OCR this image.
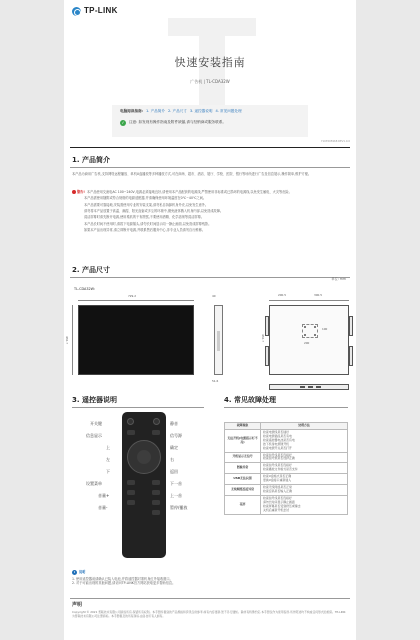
TP-LINK
快速安装指南
广告机 | TL-CDA32W
电脑阅读指南: 1. 产品简介 2. 产品尺寸 3. 遥控器说明 4. 常见问题处理
✓	注意: 如发现有操作指南及附件缺漏,请与经销商或服务联系。
7103505968 REV1.0.0
1. 产品简介
本产品为商用广告机,支持网络远程播放、单机U盘播放等多种播放方式,可在商场、超市、酒店、展厅、学校、医院、银行等场所进行广告及信息展示,操作简单,维护方便。
警告! 本产品使用交流电AC 100~240V,电源必须接地良好,请使用本产品配套的电源线,严禁使用非标准或已损坏的电源线,以免发生触电、火灾等危险。
本产品需使用随附或符合规格的电源适配器,并请确保使用环境温度在0℃~40℃之间。
本产品需要可靠接地,安装需使用专业的安装支架,请勿私自拆卸机身外壳,以免发生意外。
请勿将本产品放置于高温、潮湿、阳光直射或多尘的环境中,避免液体溅入机身内部,以免造成故障。
清洁屏幕时请先断开电源,使用柔软的干布擦拭,不要使用酒精、化学溶剂等清洁屏幕。
本产品长时间不使用时,请拔下电源插头,请勿长时间显示同一静止画面,以免造成屏幕残影。
如果本产品出现异常,请立即断开电源,并联系售后服务中心,非专业人员请勿自行维修。
2. 产品尺寸
单位: mm
TL-CDA32W:
729.2
432.7
40
51.6
200.5	300.5
432.7
200
100
3. 遥控器说明
开关键
信息显示
上
左
下
设置菜单
音量+
音量-
静音
信号源
确定
右
返回
下一首
上一首
暂停/播放
4. 常见故障处理
故障现象	处理方法
无法开机(电源指示灯不亮)	检查电源线是否插好
检查电源插座是否有电
检查遥控器电池是否有电
按下机身电源键开机
检查电源开关是否打开

开机显示无信号	检查信号线是否连接好
检查信号源是否选择正确

图像异常	检查信号线是否连接好
检查播放文件格式是否支持

USB无法识别	检查U盘格式是否正确
更换U盘接口重新插入

无线网络连接异常	检查无线网络是否正常
检查密码是否输入正确

花屏	检查信号线是否连接好
请勿长时间显示静止画面
检查屏幕是否受到挤压或撞击
关机后重新开机尝试
i	说明
1. 使用遥控器前请确认已装入电池,并将遥控器对准机身红外接收窗口。
2. 对于可能出现的其他问题,请访问TP-LINK官方网站获取更多帮助信息。
声明
Copyright © 2021 普联技术有限公司版权所有,保留所有权利。本手册所提到的产品规格和资讯仅供参考,如有内容更新,恕不另行通知。除非有特殊约定,本手册仅作为使用指导,所作陈述均不构成任何形式的担保。TP-LINK 为普联技术有限公司注册商标。本手册提及的所有商标,由各自所有人拥有。
